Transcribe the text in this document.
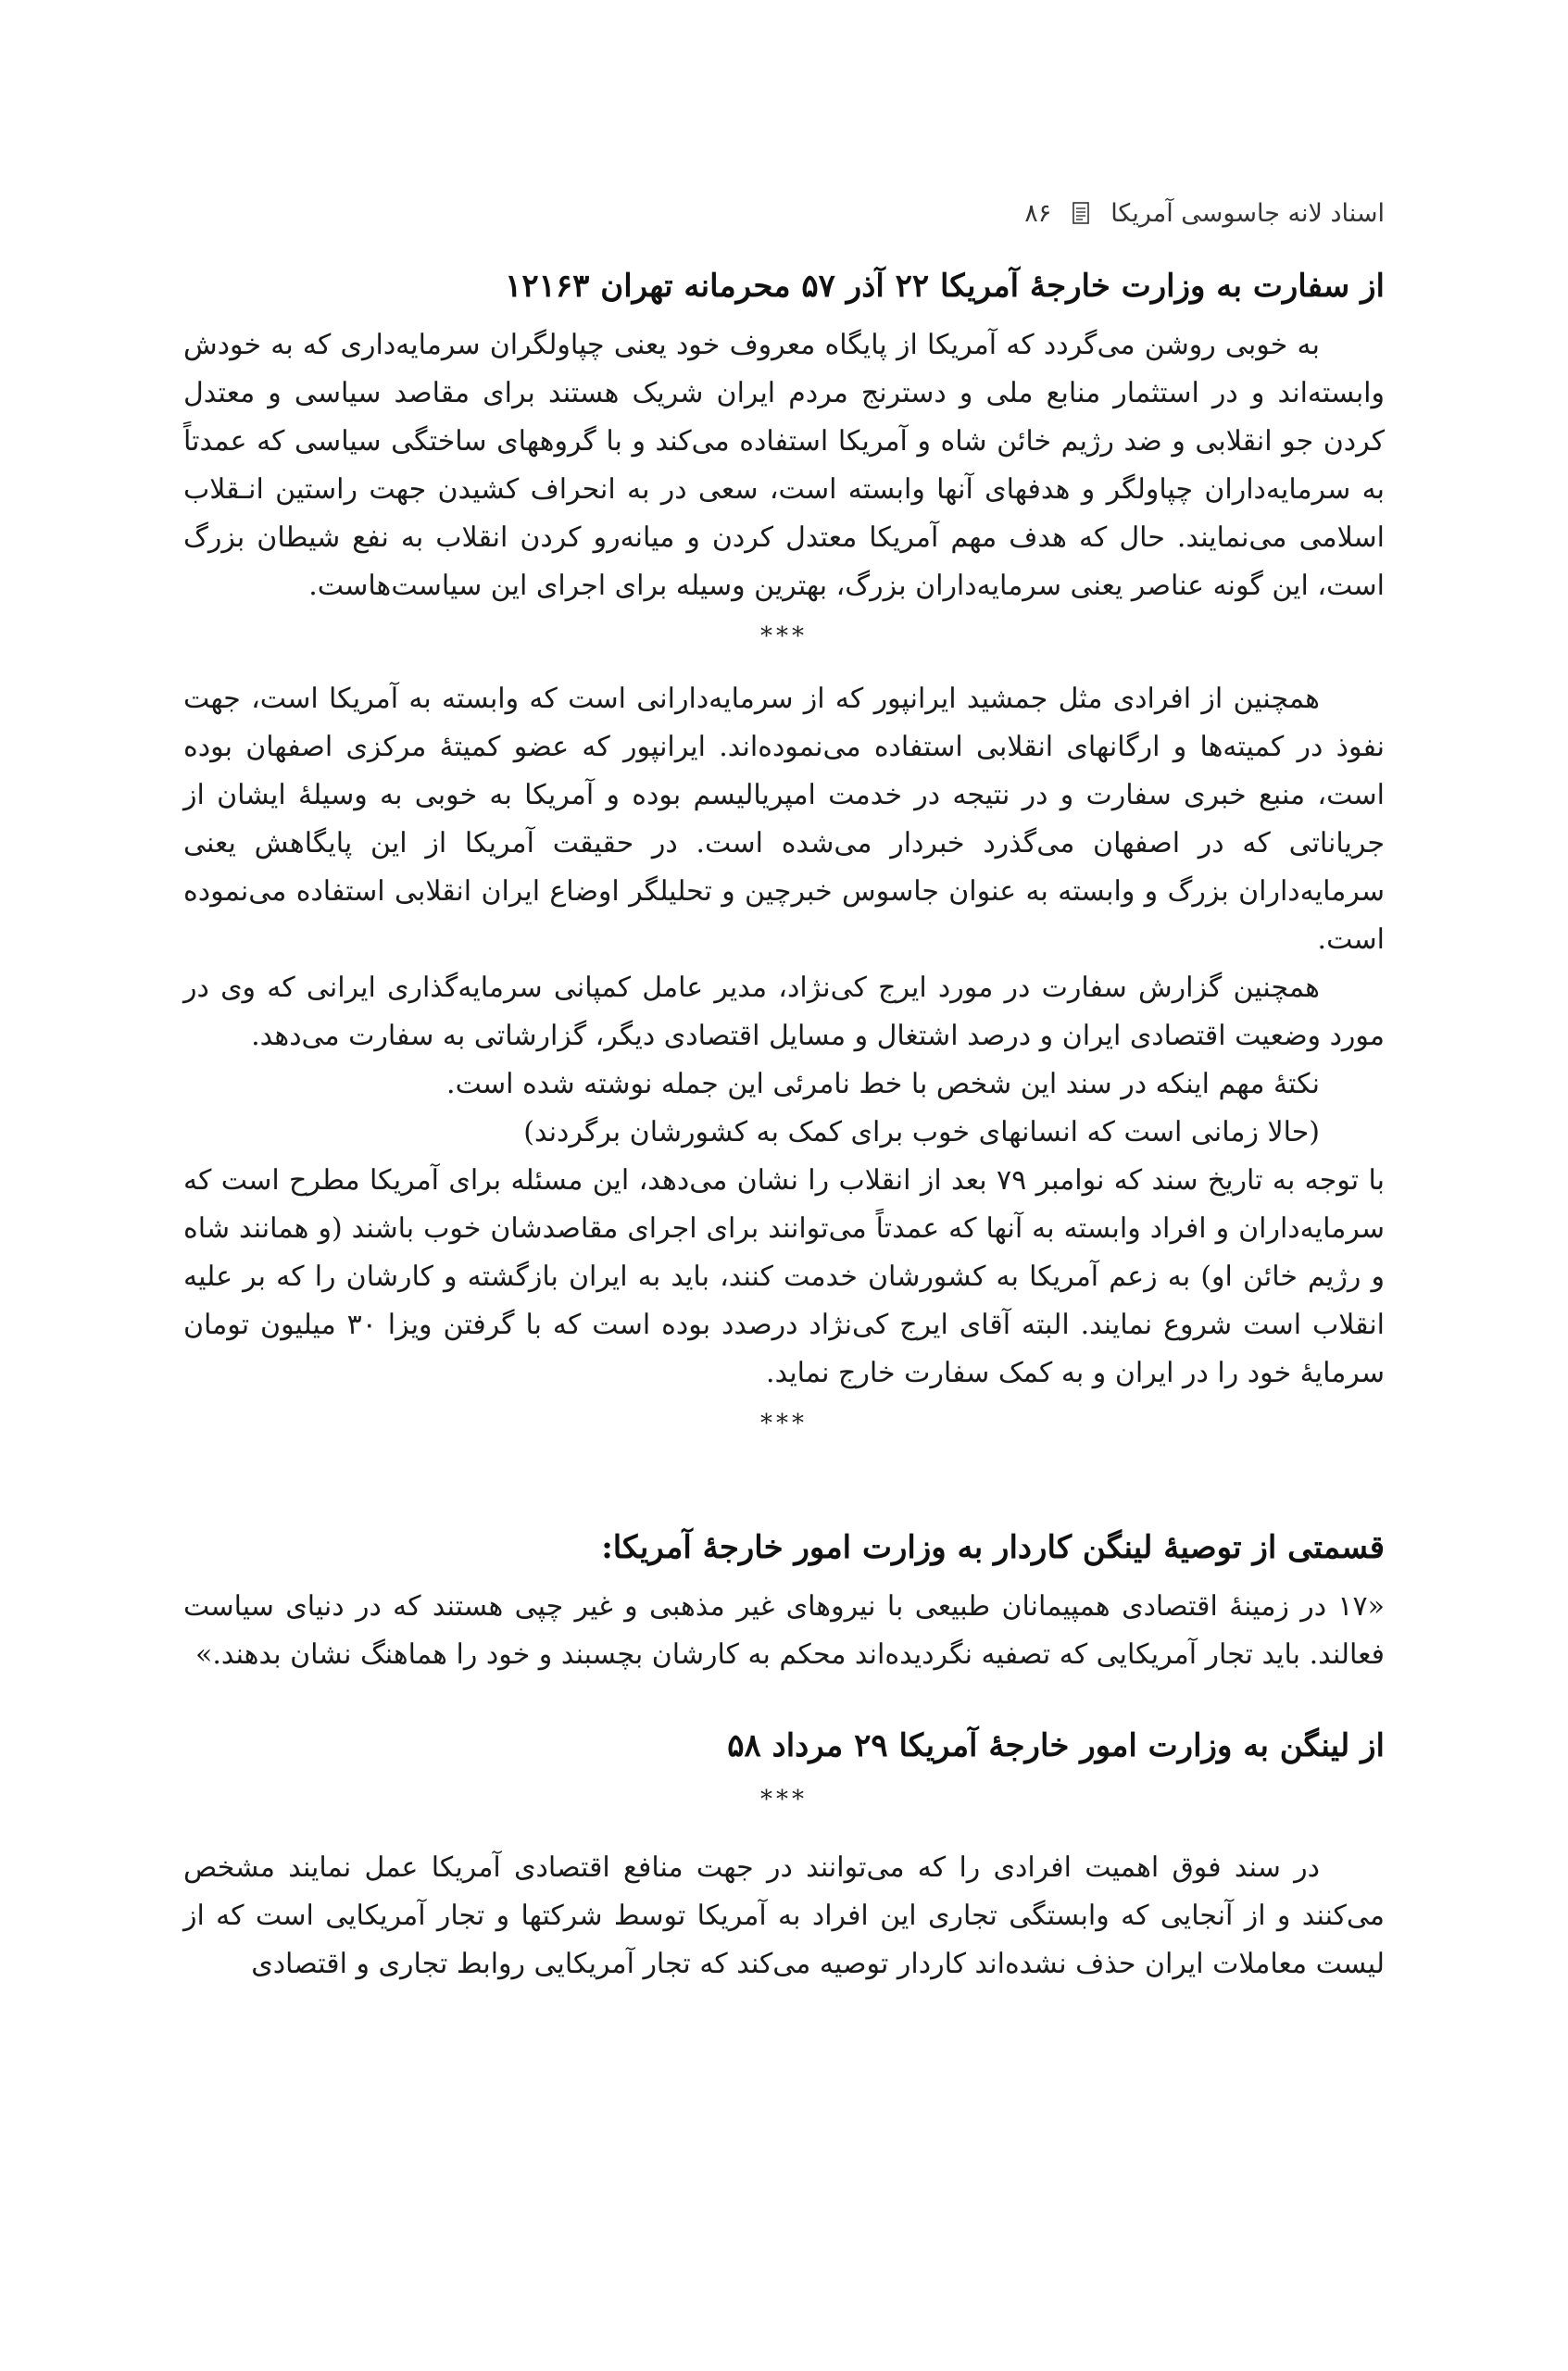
اسناد لانه جاسوسی آمریکا
۸۶
از سفارت به وزارت خارجهٔ آمریکا ۲۲ آذر ۵۷ محرمانه تهران ۱۲۱۶۳

به خوبی روشن می‌گردد که آمریکا از پایگاه معروف خود یعنی چپاولگران سرمایه‌داری که به خودش وابسته‌اند و در استثمار منابع ملی و دسترنج مردم ایران شریک هستند برای مقاصد سیاسی و معتدل کردن جو انقلابی و ضد رژیم خائن شاه و آمریکا استفاده می‌کند و با گروههای ساختگی سیاسی که عمدتاً به سرمایه‌داران چپاولگر و هدفهای آنها وابسته است، سعی در به انحراف کشیدن جهت راستین انـقلاب اسلامی می‌نمایند. حال که هدف مهم آمریکا معتدل کردن و میانه‌رو کردن انقلاب به نفع شیطان بزرگ است، این گونه عناصر یعنی سرمایه‌داران بزرگ، بهترین وسیله برای اجرای این سیاست‌هاست.

***

همچنین از افرادی مثل جمشید ایرانپور که از سرمایه‌دارانی است که وابسته به آمریکا است، جهت نفوذ در کمیته‌ها و ارگانهای انقلابی استفاده می‌نموده‌اند. ایرانپور که عضو کمیتهٔ مرکزی اصفهان بوده است، منبع خبری سفارت و در نتیجه در خدمت امپریالیسم بوده و آمریکا به خوبی به وسیلهٔ ایشان از جریاناتی که در اصفهان می‌گذرد خبردار می‌شده است. در حقیقت آمریکا از این پایگاهش یعنی سرمایه‌داران بزرگ و وابسته به عنوان جاسوس خبرچین و تحلیلگر اوضاع ایران انقلابی استفاده می‌نموده است.

همچنین گزارش سفارت در مورد ایرج کی‌نژاد، مدیر عامل کمپانی سرمایه‌گذاری ایرانی که وی در مورد وضعیت اقتصادی ایران و درصد اشتغال و مسایل اقتصادی دیگر، گزارشاتی به سفارت می‌دهد.

نکتهٔ مهم اینکه در سند این شخص با خط نامرئی این جمله نوشته شده است.

(حالا زمانی است که انسانهای خوب برای کمک به کشورشان برگردند)

با توجه به تاریخ سند که نوامبر ۷۹ بعد از انقلاب را نشان می‌دهد، این مسئله برای آمریکا مطرح است که سرمایه‌داران و افراد وابسته به آنها که عمدتاً می‌توانند برای اجرای مقاصدشان خوب باشند (و همانند شاه و رژیم خائن او) به زعم آمریکا به کشورشان خدمت کنند، باید به ایران بازگشته و کارشان را که بر علیه انقلاب است شروع نمایند. البته آقای ایرج کی‌نژاد درصدد بوده است که با گرفتن ویزا ۳۰ میلیون تومان سرمایهٔ خود را در ایران و به کمک سفارت خارج نماید.

***
قسمتی از توصیهٔ لینگن کاردار به وزارت امور خارجهٔ آمریکا:

«۱۷ در زمینهٔ اقتصادی همپیمانان طبیعی با نیروهای غیر مذهبی و غیر چپی هستند که در دنیای سیاست فعالند. باید تجار آمریکایی که تصفیه نگردیده‌اند محکم به کارشان بچسبند و خود را هماهنگ نشان بدهند.»

از لینگن به وزارت امور خارجهٔ آمریکا ۲۹ مرداد ۵۸
***

در سند فوق اهمیت افرادی را که می‌توانند در جهت منافع اقتصادی آمریکا عمل نمایند مشخص می‌کنند و از آنجایی که وابستگی تجاری این افراد به آمریکا توسط شرکتها و تجار آمریکایی است که از لیست معاملات ایران حذف نشده‌اند کاردار توصیه می‌کند که تجار آمریکایی روابط تجاری و اقتصادی
